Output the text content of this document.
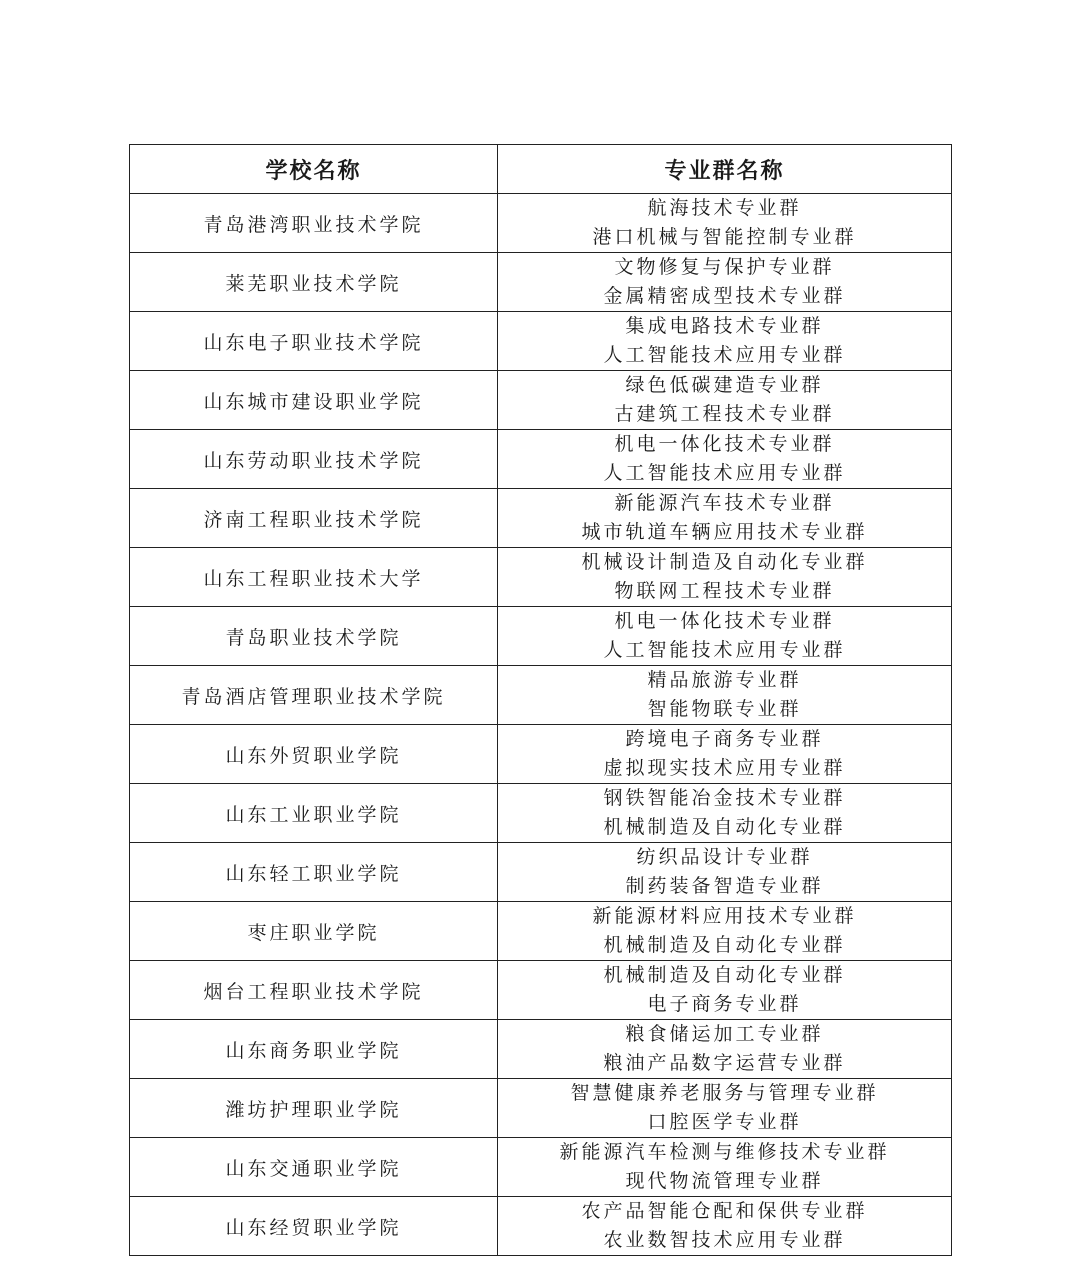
学校名称	专业群名称
青岛港湾职业技术学院	航海技术专业群
港口机械与智能控制专业群

莱芜职业技术学院	文物修复与保护专业群
金属精密成型技术专业群

山东电子职业技术学院	集成电路技术专业群
人工智能技术应用专业群

山东城市建设职业学院	绿色低碳建造专业群
古建筑工程技术专业群

山东劳动职业技术学院	机电一体化技术专业群
人工智能技术应用专业群

济南工程职业技术学院	新能源汽车技术专业群
城市轨道车辆应用技术专业群

山东工程职业技术大学	机械设计制造及自动化专业群
物联网工程技术专业群

青岛职业技术学院	机电一体化技术专业群
人工智能技术应用专业群

青岛酒店管理职业技术学院	精品旅游专业群
智能物联专业群

山东外贸职业学院	跨境电子商务专业群
虚拟现实技术应用专业群

山东工业职业学院	钢铁智能冶金技术专业群
机械制造及自动化专业群

山东轻工职业学院	纺织品设计专业群
制药装备智造专业群

枣庄职业学院	新能源材料应用技术专业群
机械制造及自动化专业群

烟台工程职业技术学院	机械制造及自动化专业群
电子商务专业群

山东商务职业学院	粮食储运加工专业群
粮油产品数字运营专业群

潍坊护理职业学院	智慧健康养老服务与管理专业群
口腔医学专业群

山东交通职业学院	新能源汽车检测与维修技术专业群
现代物流管理专业群

山东经贸职业学院	农产品智能仓配和保供专业群
农业数智技术应用专业群
